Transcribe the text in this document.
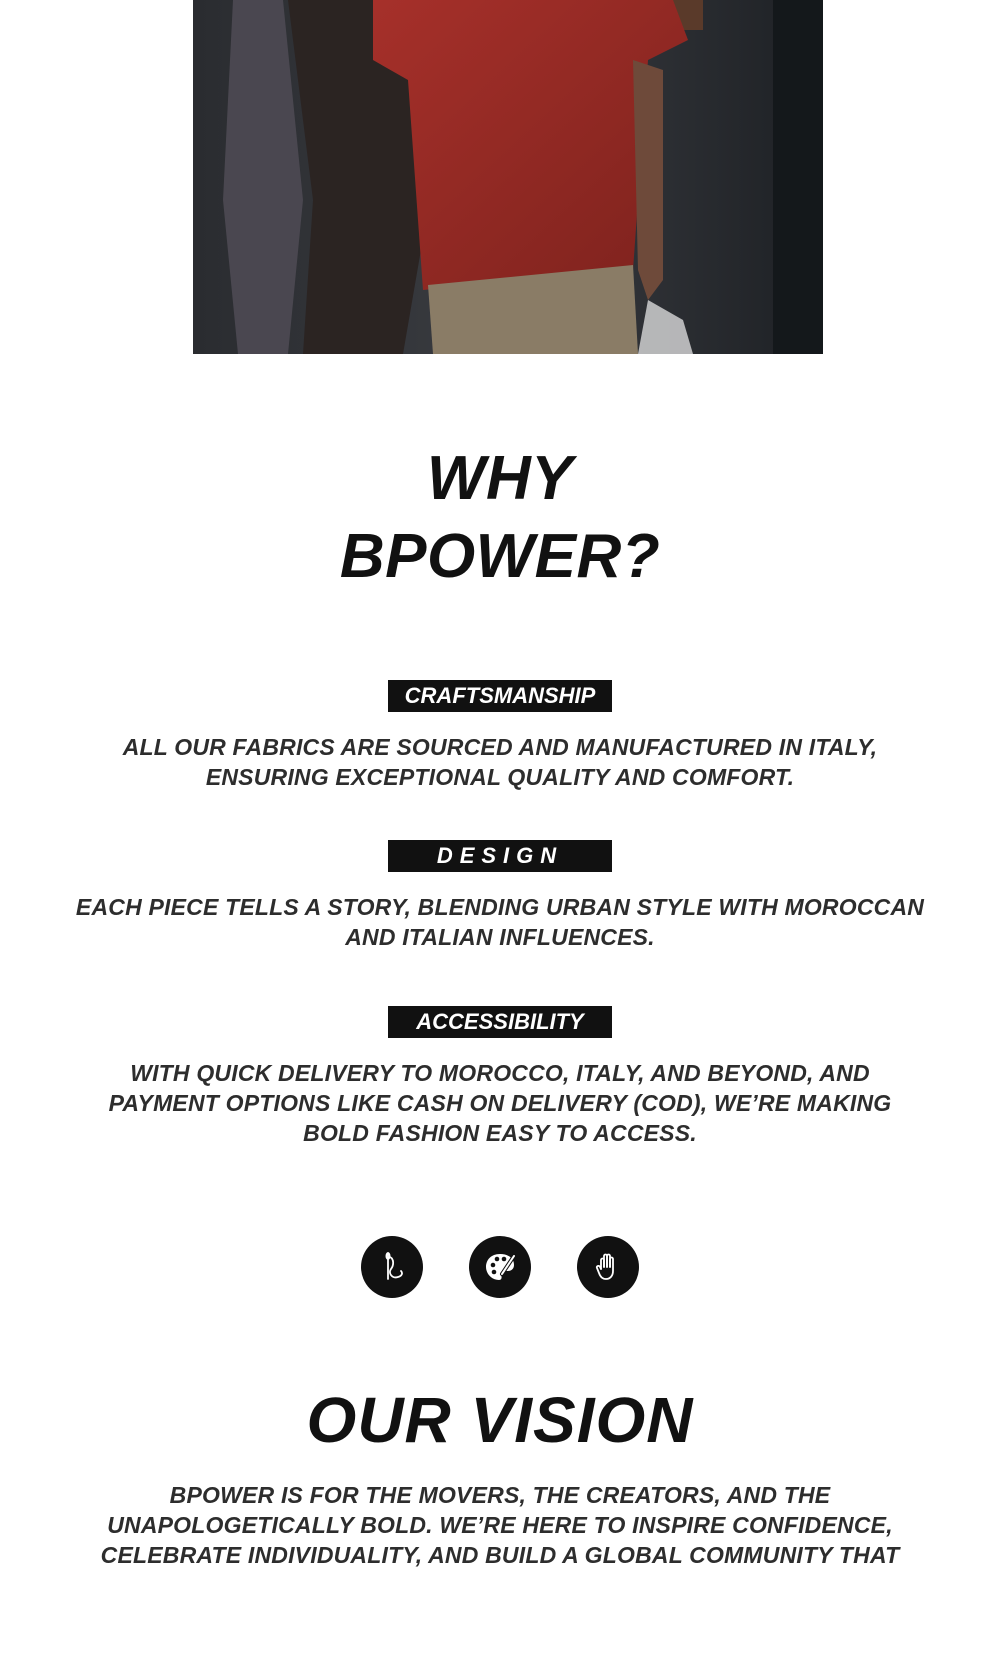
WHY
BPOWER?
CRAFTSMANSHIP
ALL OUR FABRICS ARE SOURCED AND MANUFACTURED IN ITALY, ENSURING EXCEPTIONAL QUALITY AND COMFORT.
DESIGN
EACH PIECE TELLS A STORY, BLENDING URBAN STYLE WITH MOROCCAN AND ITALIAN INFLUENCES.
ACCESSIBILITY
WITH QUICK DELIVERY TO MOROCCO, ITALY, AND BEYOND, AND PAYMENT OPTIONS LIKE CASH ON DELIVERY (COD), WE’RE MAKING BOLD FASHION EASY TO ACCESS.
OUR VISION

BPOWER IS FOR THE MOVERS, THE CREATORS, AND THE UNAPOLOGETICALLY BOLD. WE’RE HERE TO INSPIRE CONFIDENCE, CELEBRATE INDIVIDUALITY, AND BUILD A GLOBAL COMMUNITY THAT
